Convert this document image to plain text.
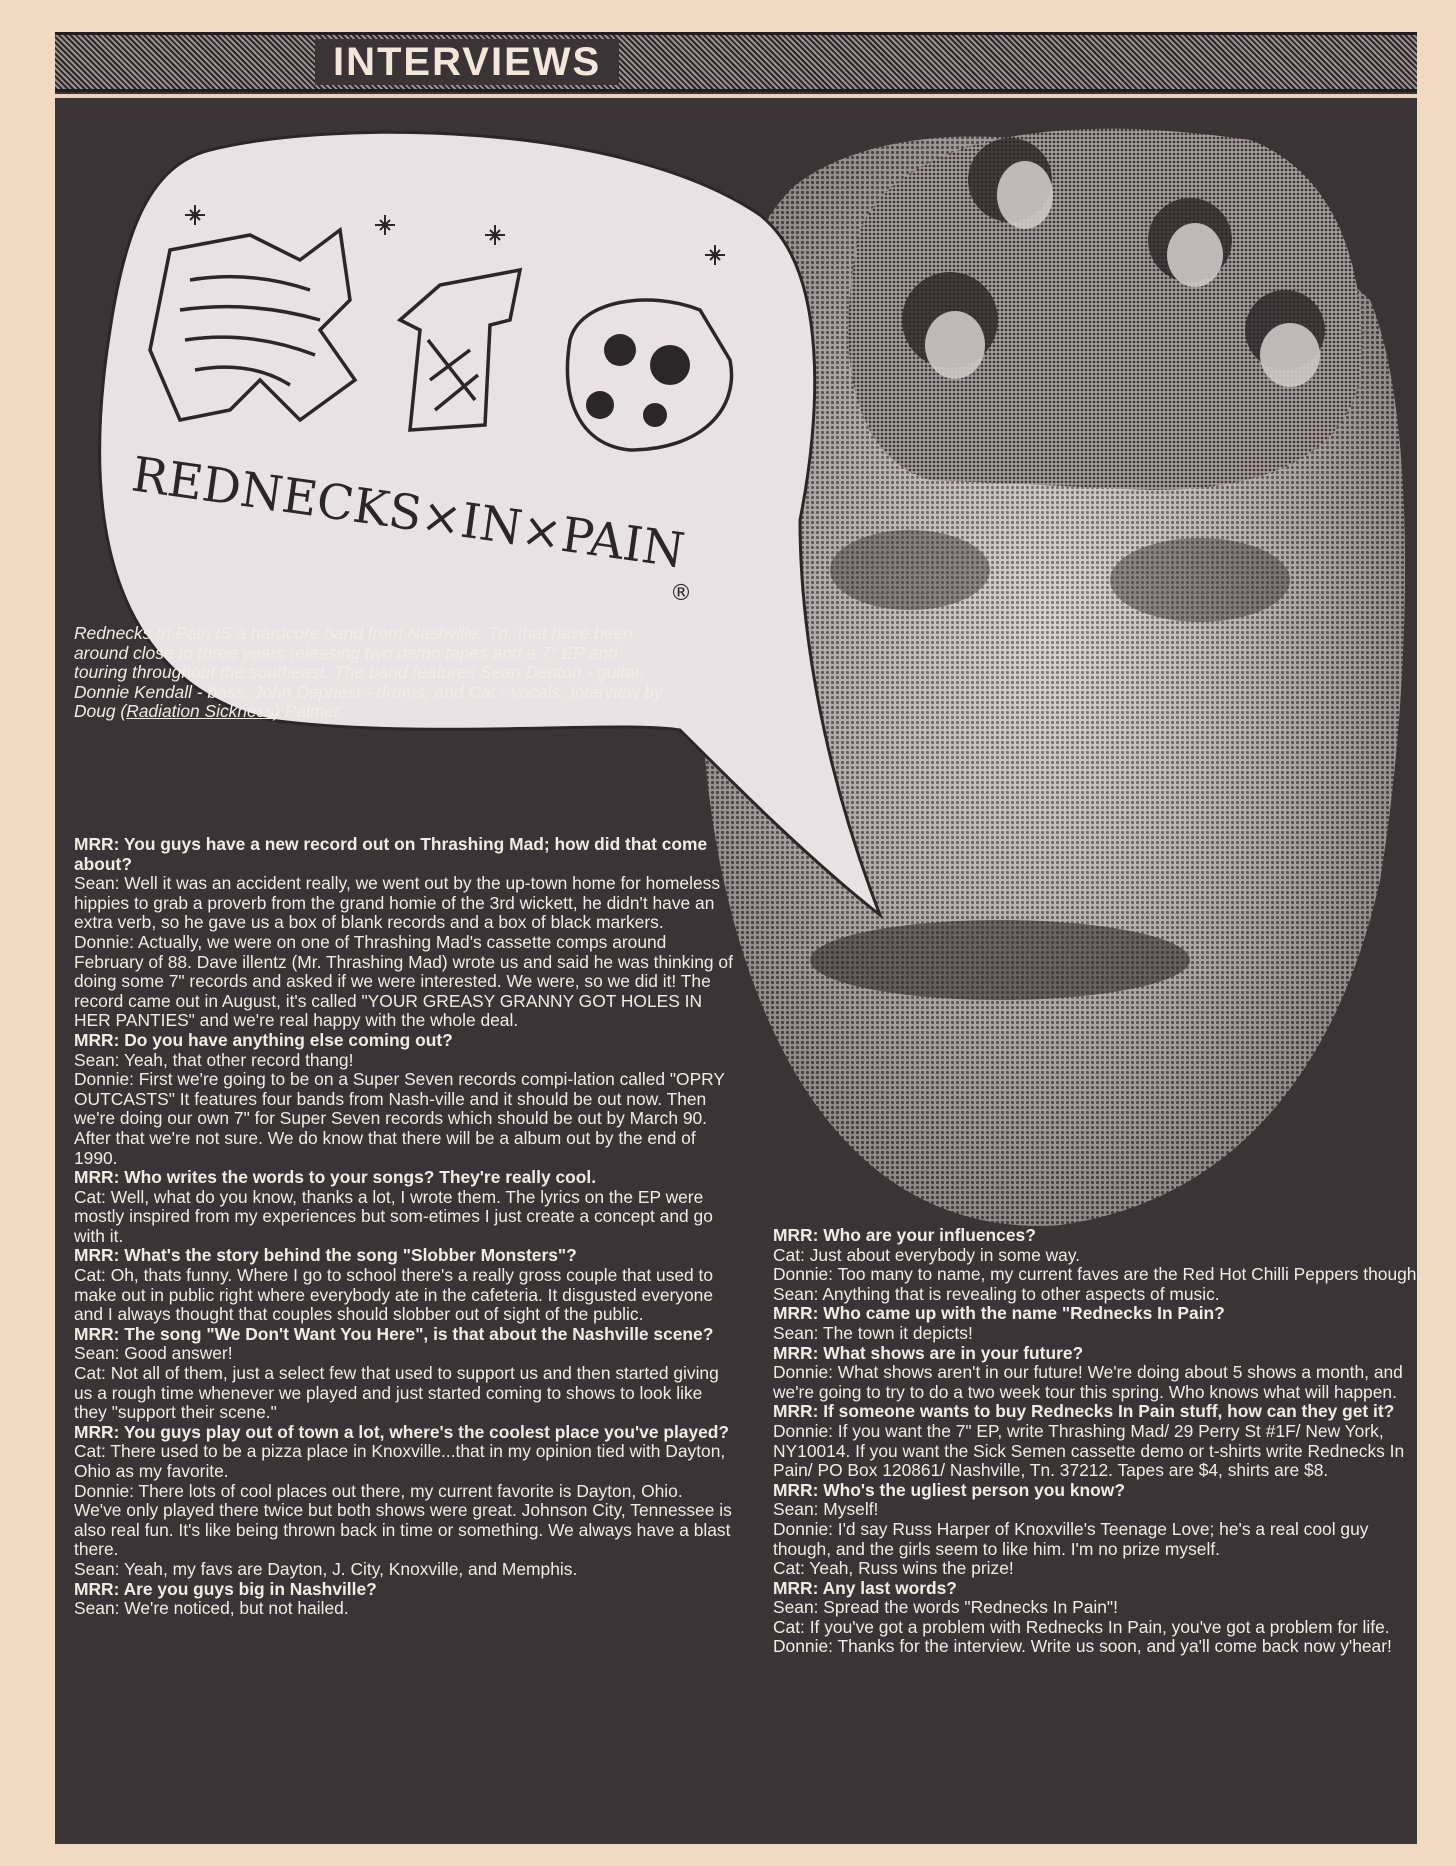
INTERVIEWS
REDNECKS×IN×PAIN
®
Rednecks In Pain IS a hardcore band from Nashville, Tn. that have been around close to three years releasing two demo tapes and a 7" EP and touring throughout the southeast. The band features Sean Denton - guitar, Donnie Kendall - bass, John Depriest - drums, and Cat - vocals. Interview by Doug (Radiation Sickness) Palmer.

MRR: You guys have a new record out on Thrashing Mad; how did that come about?

Sean: Well it was an accident really, we went out by the up-town home for homeless hippies to grab a proverb from the grand homie of the 3rd wickett, he didn't have an extra verb, so he gave us a box of blank records and a box of black markers.

Donnie: Actually, we were on one of Thrashing Mad's cassette comps around February of 88. Dave illentz (Mr. Thrashing Mad) wrote us and said he was thinking of doing some 7" records and asked if we were interested. We were, so we did it! The record came out in August, it's called "YOUR GREASY GRANNY GOT HOLES IN HER PANTIES" and we're real happy with the whole deal.

MRR: Do you have anything else coming out?

Sean: Yeah, that other record thang!

Donnie: First we're going to be on a Super Seven records compi-lation called "OPRY OUTCASTS" It features four bands from Nash-ville and it should be out now. Then we're doing our own 7" for Super Seven records which should be out by March 90. After that we're not sure. We do know that there will be a album out by the end of 1990.

MRR: Who writes the words to your songs? They're really cool.

Cat: Well, what do you know, thanks a lot, I wrote them. The lyrics on the EP were mostly inspired from my experiences but som-etimes I just create a concept and go with it.

MRR: What's the story behind the song "Slobber Monsters"?

Cat: Oh, thats funny. Where I go to school there's a really gross couple that used to make out in public right where everybody ate in the cafeteria. It disgusted everyone and I always thought that couples should slobber out of sight of the public.

MRR: The song "We Don't Want You Here", is that about the Nashville scene?

Sean: Good answer!

Cat: Not all of them, just a select few that used to support us and then started giving us a rough time whenever we played and just started coming to shows to look like they "support their scene."

MRR: You guys play out of town a lot, where's the coolest place you've played?

Cat: There used to be a pizza place in Knoxville...that in my opinion tied with Dayton, Ohio as my favorite.

Donnie: There lots of cool places out there, my current favorite is Dayton, Ohio. We've only played there twice but both shows were great. Johnson City, Tennessee is also real fun. It's like being thrown back in time or something. We always have a blast there.

Sean: Yeah, my favs are Dayton, J. City, Knoxville, and Memphis.

MRR: Are you guys big in Nashville?

Sean: We're noticed, but not hailed.

MRR: Who are your influences?

Cat: Just about everybody in some way.

Donnie: Too many to name, my current faves are the Red Hot Chilli Peppers though.

Sean: Anything that is revealing to other aspects of music.

MRR: Who came up with the name "Rednecks In Pain?

Sean: The town it depicts!

MRR: What shows are in your future?

Donnie: What shows aren't in our future! We're doing about 5 shows a month, and we're going to try to do a two week tour this spring. Who knows what will happen.

MRR: If someone wants to buy Rednecks In Pain stuff, how can they get it?

Donnie: If you want the 7" EP, write Thrashing Mad/ 29 Perry St #1F/ New York, NY10014. If you want the Sick Semen cassette demo or t-shirts write Rednecks In Pain/ PO Box 120861/ Nashville, Tn. 37212. Tapes are $4, shirts are $8.

MRR: Who's the ugliest person you know?

Sean: Myself!

Donnie: I'd say Russ Harper of Knoxville's Teenage Love; he's a real cool guy though, and the girls seem to like him. I'm no prize myself.

Cat: Yeah, Russ wins the prize!

MRR: Any last words?

Sean: Spread the words "Rednecks In Pain"!

Cat: If you've got a problem with Rednecks In Pain, you've got a problem for life.

Donnie: Thanks for the interview. Write us soon, and ya'll come back now y'hear!
